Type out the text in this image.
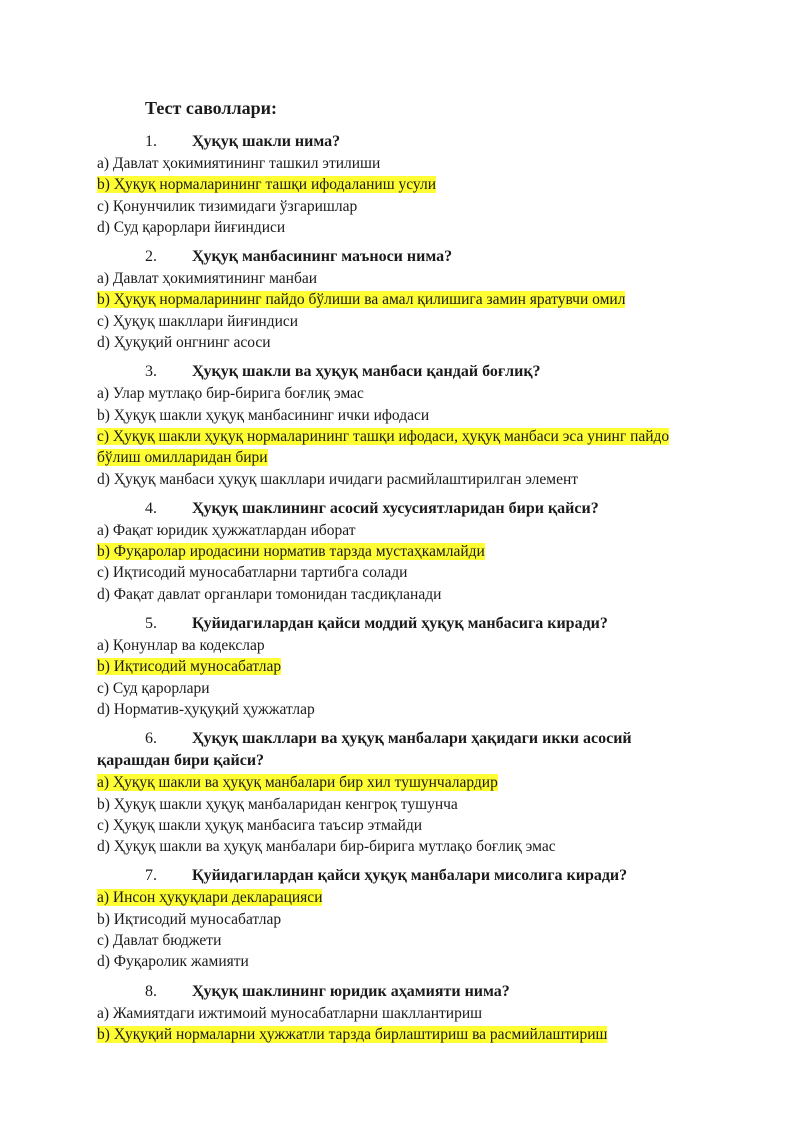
Тест саволлари:
1.	Ҳуқуқ шакли нима?
a) Давлат ҳокимиятининг ташкил этилиши
b) Ҳуқуқ нормаларининг ташқи ифодаланиш усули
c) Қонунчилик тизимидаги ўзгаришлар
d) Суд қарорлари йиғиндиси
2.	Ҳуқуқ манбасининг маъноси нима?
a) Давлат ҳокимиятининг манбаи
b) Ҳуқуқ нормаларининг пайдо бўлиши ва амал қилишига замин яратувчи омил
c) Ҳуқуқ шакллари йиғиндиси
d) Ҳуқуқий онгнинг асоси
3.	Ҳуқуқ шакли ва ҳуқуқ манбаси қандай боғлиқ?
a) Улар мутлақо бир-бирига боғлиқ эмас
b) Ҳуқуқ шакли ҳуқуқ манбасининг ички ифодаси
c) Ҳуқуқ шакли ҳуқуқ нормаларининг ташқи ифодаси, ҳуқуқ манбаси эса унинг пайдо бўлиш омилларидан бири
d) Ҳуқуқ манбаси ҳуқуқ шакллари ичидаги расмийлаштирилган элемент
4.	Ҳуқуқ шаклининг асосий хусусиятларидан бири қайси?
a) Фақат юридик ҳужжатлардан иборат
b) Фуқаролар иродасини норматив тарзда мустаҳкамлайди
c) Иқтисодий муносабатларни тартибга солади
d) Фақат давлат органлари томонидан тасдиқланади
5.	Қуйидагилардан қайси моддий ҳуқуқ манбасига киради?
a) Қонунлар ва кодекслар
b) Иқтисодий муносабатлар
c) Суд қарорлари
d) Норматив-ҳуқуқий ҳужжатлар
6. Ҳуқуқ шакллари ва ҳуқуқ манбалари ҳақидаги икки асосий қарашдан бири қайси?
a) Ҳуқуқ шакли ва ҳуқуқ манбалари бир хил тушунчалардир
b) Ҳуқуқ шакли ҳуқуқ манбаларидан кенгроқ тушунча
c) Ҳуқуқ шакли ҳуқуқ манбасига таъсир этмайди
d) Ҳуқуқ шакли ва ҳуқуқ манбалари бир-бирига мутлақо боғлиқ эмас
7.	Қуйидагилардан қайси ҳуқуқ манбалари мисолига киради?
a) Инсон ҳуқуқлари декларацияси
b) Иқтисодий муносабатлар
c) Давлат бюджети
d) Фуқаролик жамияти
8.	Ҳуқуқ шаклининг юридик аҳамияти нима?
a) Жамиятдаги ижтимоий муносабатларни шакллантириш
b) Ҳуқуқий нормаларни ҳужжатли тарзда бирлаштириш ва расмийлаштириш
